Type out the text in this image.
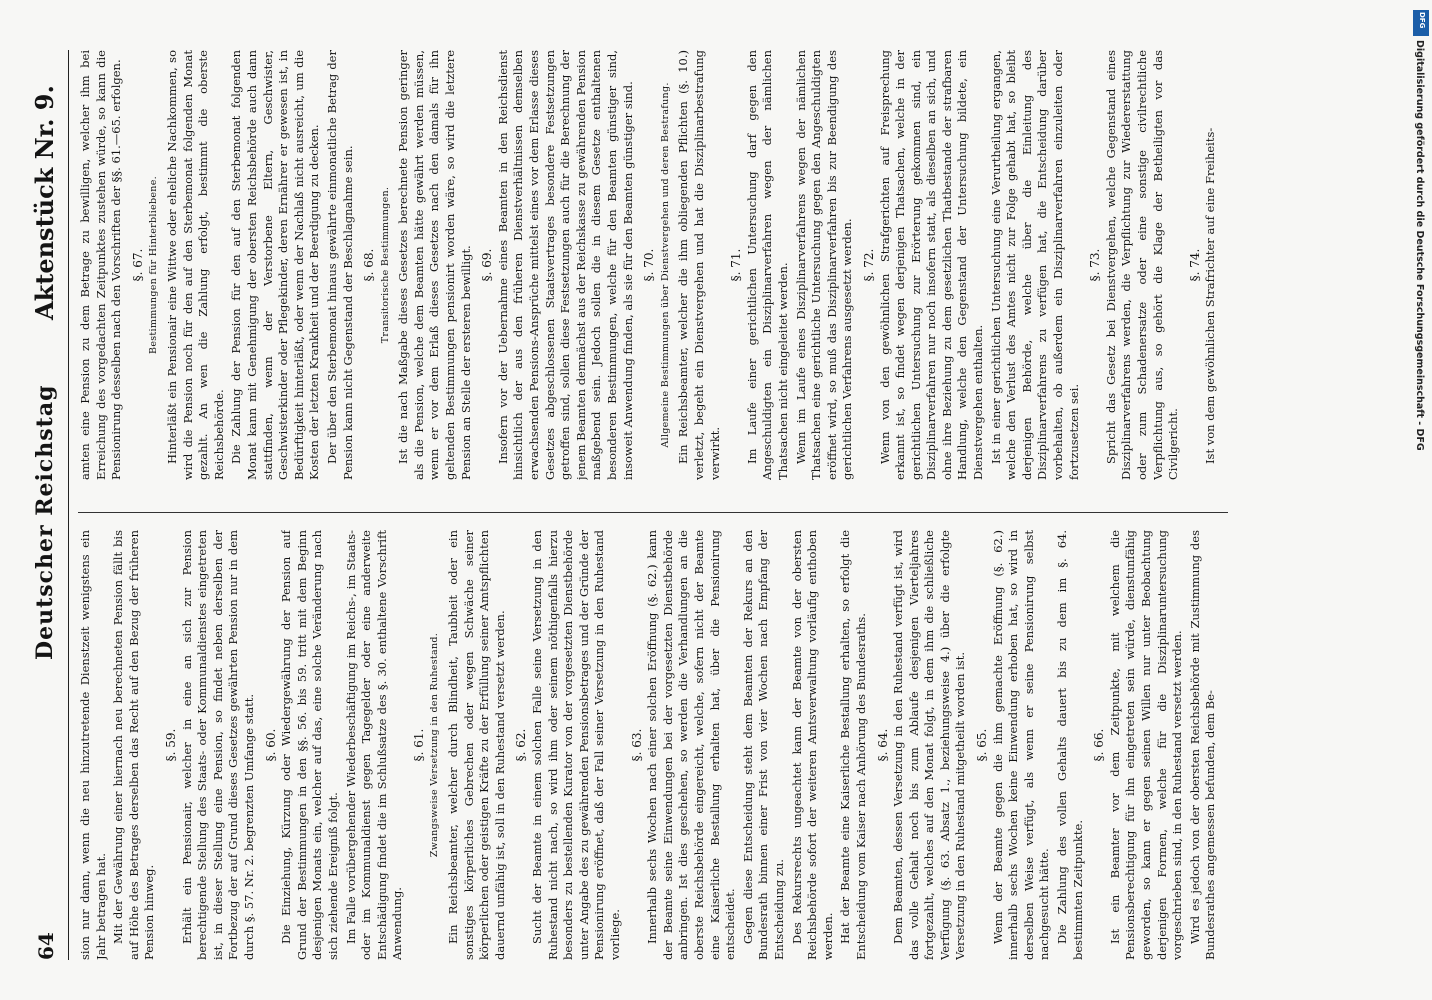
64
Deutscher Reichstag
Aktenstück Nr. 9.

sion nur dann, wenn die neu hinzutretende Dienstzeit wenigstens ein Jahr betragen hat. Mit der Gewährung einer hiernach neu berechneten Pension fällt bis auf Höhe des Betrages derselben das Recht auf den Bezug der früheren Pension hinweg.

§. 59. Erhält ein Pensionair, welcher in eine an sich zur Pension berechtigende Stellung des Staats- oder Kommunaldienstes eingetreten ist, in dieser Stellung eine Pension, so findet neben derselben der Fortbezug der auf Grund dieses Gesetzes gewährten Pension nur in dem durch §. 57. Nr. 2. begrenzten Umfange statt. §. 60. Die Einziehung, Kürzung oder Wiedergewährung der Pension auf Grund der Bestimmungen in den §§. 56. bis 59. tritt mit dem Beginn desjenigen Monats ein, welcher auf das, eine solche Veränderung nach sich ziehende Ereigniß folgt. Im Falle vorübergehender Wiederbeschäftigung im Reichs-, im Staats- oder im Kommunaldienst gegen Tagegelder oder eine anderweite Entschädigung findet die im Schlußsatze des §. 30. enthaltene Vorschrift Anwendung.

§. 61. Zwangsweise Versetzung in den Ruhestand. Ein Reichsbeamter, welcher durch Blindheit, Taubheit oder ein sonstiges körperliches Gebrechen oder wegen Schwäche seiner körperlichen oder geistigen Kräfte zu der Erfüllung seiner Amtspflichten dauernd unfähig ist, soll in den Ruhestand versetzt werden. §. 62. Sucht der Beamte in einem solchen Falle seine Versetzung in den Ruhestand nicht nach, so wird ihm oder seinem nöthigenfalls hierzu besonders zu bestellenden Kurator von der vorgesetzten Dienstbehörde unter Angabe des zu gewährenden Pensionsbetrages und der Gründe der Pensionirung eröffnet, daß der Fall seiner Versetzung in den Ruhestand vorliege.

§. 63. Innerhalb sechs Wochen nach einer solchen Eröffnung (§. 62.) kann der Beamte seine Einwendungen bei der vorgesetzten Dienstbehörde anbringen. Ist dies geschehen, so werden die Verhandlungen an die oberste Reichsbehörde eingereicht, welche, sofern nicht der Beamte eine Kaiserliche Bestallung erhalten hat, über die Pensionirung entscheidet. Gegen diese Entscheidung steht dem Beamten der Rekurs an den Bundesrath binnen einer Frist von vier Wochen nach Empfang der Entscheidung zu. Des Rekursrechts ungeachtet kann der Beamte von der obersten Reichsbehörde sofort der weiteren Amtsverwaltung vorläufig enthoben werden. Hat der Beamte eine Kaiserliche Bestallung erhalten, so erfolgt die Entscheidung vom Kaiser nach Anhörung des Bundesraths. §. 64. Dem Beamten, dessen Versetzung in den Ruhestand verfügt ist, wird das volle Gehalt noch bis zum Ablaufe desjenigen Vierteljahres fortgezahlt, welches auf den Monat folgt, in dem ihm die schließliche Verfügung (§. 63. Absatz 1., beziehungsweise 4.) über die erfolgte Versetzung in den Ruhestand mitgetheilt worden ist. §. 65. Wenn der Beamte gegen die ihm gemachte Eröffnung (§. 62.) innerhalb sechs Wochen keine Einwendung erhoben hat, so wird in derselben Weise verfügt, als wenn er seine Pensionirung selbst nachgesucht hätte. Die Zahlung des vollen Gehalts dauert bis zu dem im §. 64. bestimmten Zeitpunkte.

§. 66. Ist ein Beamter vor dem Zeitpunkte, mit welchem die Pensionsberechtigung für ihn eingetreten sein würde, dienstunfähig geworden, so kann er gegen seinen Willen nur unter Beobachtung derjenigen Formen, welche für die Disziplinaruntersuchung vorgeschrieben sind, in den Ruhestand versetzt werden. Wird es jedoch von der obersten Reichsbehörde mit Zustimmung des Bundesrathes angemessen befunden, dem Be-

amten eine Pension zu dem Betrage zu bewilligen, welcher ihm bei Erreichung des vorgedachten Zeitpunktes zustehen würde, so kann die Pensionirung desselben nach den Vorschriften der §§. 61.—65. erfolgen. §. 67. Bestimmungen für Hinterbliebene. Hinterläßt ein Pensionair eine Wittwe oder eheliche Nachkommen, so wird die Pension noch für den auf den Sterbemonat folgenden Monat gezahlt. An wen die Zahlung erfolgt, bestimmt die oberste Reichsbehörde. Die Zahlung der Pension für den auf den Sterbemonat folgenden Monat kann mit Genehmigung der obersten Reichsbehörde auch dann stattfinden, wenn der Verstorbene Eltern, Geschwister, Geschwisterkinder oder Pflegekinder, deren Ernährer er gewesen ist, in Bedürftigkeit hinterläßt, oder wenn der Nachlaß nicht ausreicht, um die Kosten der letzten Krankheit und der Beerdigung zu decken. Der über den Sterbemonat hinaus gewährte einmonatliche Betrag der Pension kann nicht Gegenstand der Beschlagnahme sein. §. 68. Transitorische Bestimmungen. Ist die nach Maßgabe dieses Gesetzes berechnete Pension geringer als die Pension, welche dem Beamten hätte gewährt werden müssen, wenn er vor dem Erlaß dieses Gesetzes nach den damals für ihn geltenden Bestimmungen pensionirt worden wäre, so wird die letztere Pension an Stelle der ersteren bewilligt. §. 69. Insofern vor der Uebernahme eines Beamten in den Reichsdienst hinsichtlich der aus den früheren Dienstverhältnissen demselben erwachsenden Pensions-Ansprüche mittelst eines vor dem Erlasse dieses Gesetzes abgeschlossenen Staatsvertrages besondere Festsetzungen getroffen sind, sollen diese Festsetzungen auch für die Berechnung der jenem Beamten demnächst aus der Reichskasse zu gewährenden Pension maßgebend sein. Jedoch sollen die in diesem Gesetze enthaltenen besonderen Bestimmungen, welche für den Beamten günstiger sind, insoweit Anwendung finden, als sie für den Beamten günstiger sind. §. 70. Allgemeine Bestimmungen über Dienstvergehen und deren Bestrafung. Ein Reichsbeamter, welcher die ihm obliegenden Pflichten (§. 10.) verletzt, begeht ein Dienstvergehen und hat die Disziplinarbestrafung verwirkt.

§. 71. Im Laufe einer gerichtlichen Untersuchung darf gegen den Angeschuldigten ein Disziplinarverfahren wegen der nämlichen Thatsachen nicht eingeleitet werden. Wenn im Laufe eines Disziplinarverfahrens wegen der nämlichen Thatsachen eine gerichtliche Untersuchung gegen den Angeschuldigten eröffnet wird, so muß das Disziplinarverfahren bis zur Beendigung des gerichtlichen Verfahrens ausgesetzt werden. §. 72. Wenn von den gewöhnlichen Strafgerichten auf Freisprechung erkannt ist, so findet wegen derjenigen Thatsachen, welche in der gerichtlichen Untersuchung zur Erörterung gekommen sind, ein Disziplinarverfahren nur noch insofern statt, als dieselben an sich, und ohne ihre Beziehung zu dem gesetzlichen Thatbestande der strafbaren Handlung, welche den Gegenstand der Untersuchung bildete, ein Dienstvergehen enthalten. Ist in einer gerichtlichen Untersuchung eine Verurtheilung ergangen, welche den Verlust des Amtes nicht zur Folge gehabt hat, so bleibt derjenigen Behörde, welche über die Einleitung des Disziplinarverfahrens zu verfügen hat, die Entscheidung darüber vorbehalten, ob außerdem ein Disziplinarverfahren einzuleiten oder fortzusetzen sei.

§. 73. Spricht das Gesetz bei Dienstvergehen, welche Gegenstand eines Disziplinarverfahrens werden, die Verpflichtung zur Wiedererstattung oder zum Schadenersatze oder eine sonstige civilrechtliche Verpflichtung aus, so gehört die Klage der Betheiligten vor das Civilgericht.

§. 74. Ist von dem gewöhnlichen Strafrichter auf eine Freiheits-

DFG
Digitalisierung gefördert durch die Deutsche Forschungsgemeinschaft - DFG
